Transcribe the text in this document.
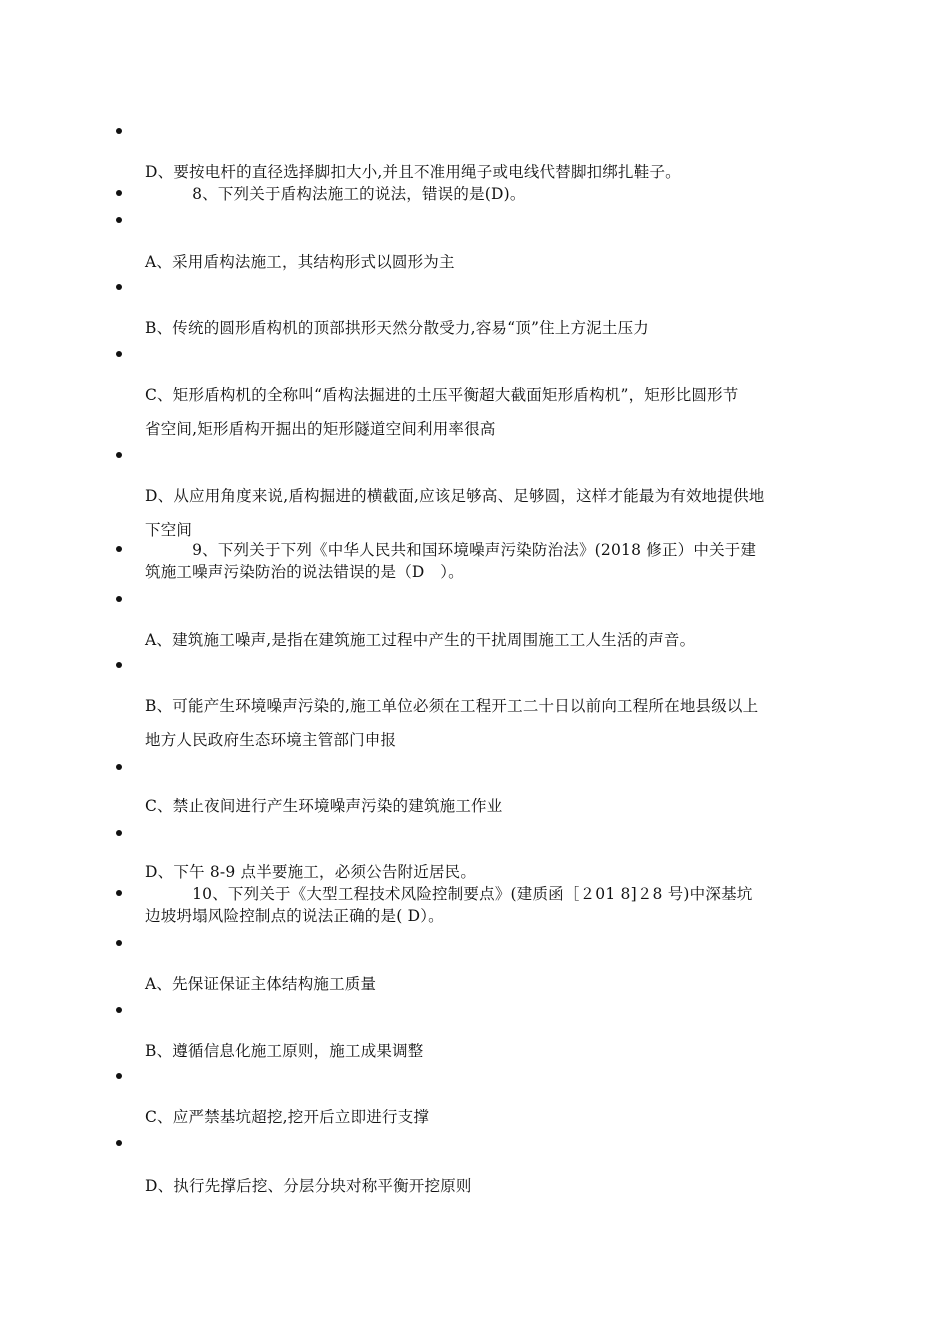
D、要按电杆的直径选择脚扣大小,并且不准用绳子或电线代替脚扣绑扎鞋子。
　　　8、下列关于盾构法施工的说法，错误的是(D)。
A、采用盾构法施工，其结构形式以圆形为主
B、传统的圆形盾构机的顶部拱形天然分散受力,容易“顶”住上方泥土压力
C、矩形盾构机的全称叫“盾构法掘进的土压平衡超大截面矩形盾构机”，矩形比圆形节
省空间,矩形盾构开掘出的矩形隧道空间利用率很高
D、从应用角度来说,盾构掘进的横截面,应该足够高、足够圆，这样才能最为有效地提供地
下空间
　　　9、下列关于下列《中华人民共和国环境噪声污染防治法》(2018 修正）中关于建
筑施工噪声污染防治的说法错误的是（D　）。
A、建筑施工噪声,是指在建筑施工过程中产生的干扰周围施工工人生活的声音。
B、可能产生环境噪声污染的,施工单位必须在工程开工二十日以前向工程所在地县级以上
地方人民政府生态环境主管部门申报
C、禁止夜间进行产生环境噪声污染的建筑施工作业
D、下午 8-9 点半要施工，必须公告附近居民。
　　　10、下列关于《大型工程技术风险控制要点》(建质函［２01 8]２8 号)中深基坑
边坡坍塌风险控制点的说法正确的是( D）。
A、先保证保证主体结构施工质量
B、遵循信息化施工原则，施工成果调整
C、应严禁基坑超挖,挖开后立即进行支撑
D、执行先撑后挖、分层分块对称平衡开挖原则
